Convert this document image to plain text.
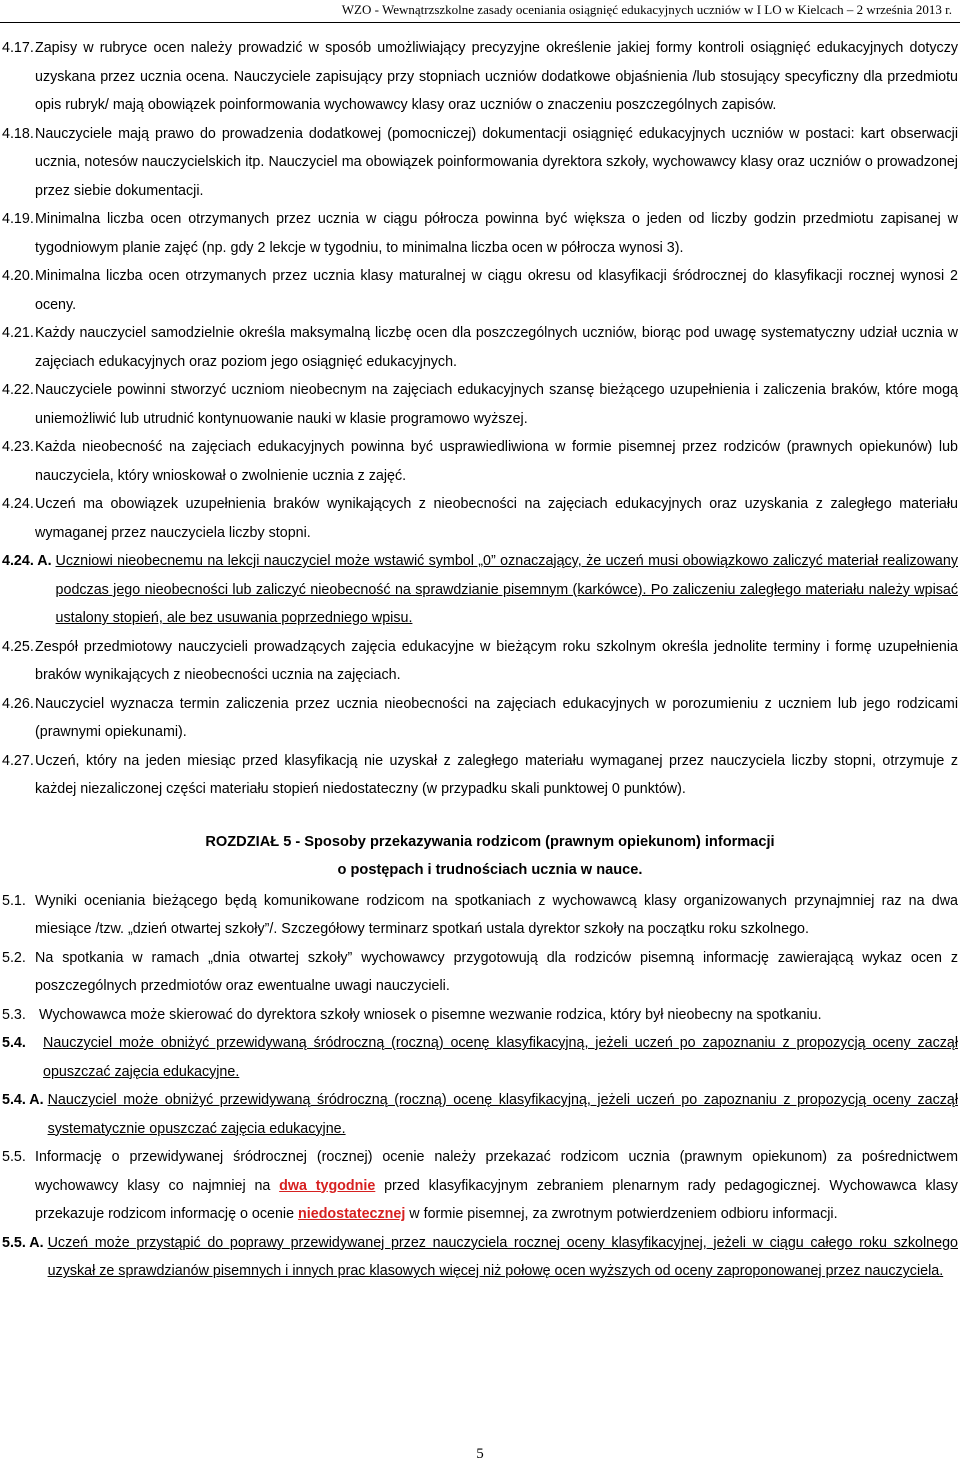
WZO - Wewnątrzszkolne zasady oceniania osiągnięć edukacyjnych uczniów w I LO w Kielcach – 2 września 2013 r.
4.17. Zapisy w rubryce ocen należy prowadzić w sposób umożliwiający precyzyjne określenie jakiej formy kontroli osiągnięć edukacyjnych dotyczy uzyskana przez ucznia ocena. Nauczyciele zapisujący przy stopniach uczniów dodatkowe objaśnienia /lub stosujący specyficzny dla przedmiotu opis rubryk/ mają obowiązek poinformowania wychowawcy klasy oraz uczniów o znaczeniu poszczególnych zapisów.
4.18. Nauczyciele mają prawo do prowadzenia dodatkowej (pomocniczej) dokumentacji osiągnięć edukacyjnych uczniów w postaci: kart obserwacji ucznia, notesów nauczycielskich itp. Nauczyciel ma obowiązek poinformowania dyrektora szkoły, wychowawcy klasy oraz uczniów o prowadzonej przez siebie dokumentacji.
4.19. Minimalna liczba ocen otrzymanych przez ucznia w ciągu półrocza powinna być większa o jeden od liczby godzin przedmiotu zapisanej w tygodniowym planie zajęć (np. gdy 2 lekcje w tygodniu, to minimalna liczba ocen w półrocza wynosi 3).
4.20. Minimalna liczba ocen otrzymanych przez ucznia klasy maturalnej w ciągu okresu od klasyfikacji śródrocznej do klasyfikacji rocznej wynosi 2 oceny.
4.21. Każdy nauczyciel samodzielnie określa maksymalną liczbę ocen dla poszczególnych uczniów, biorąc pod uwagę systematyczny udział ucznia w zajęciach edukacyjnych oraz poziom jego osiągnięć edukacyjnych.
4.22. Nauczyciele powinni stworzyć uczniom nieobecnym na zajęciach edukacyjnych szansę bieżącego uzupełnienia i zaliczenia braków, które mogą uniemożliwić lub utrudnić kontynuowanie nauki w klasie programowo wyższej.
4.23. Każda nieobecność na zajęciach edukacyjnych powinna być usprawiedliwiona w formie pisemnej przez rodziców (prawnych opiekunów) lub nauczyciela, który wnioskował o zwolnienie ucznia z zajęć.
4.24. Uczeń ma obowiązek uzupełnienia braków wynikających z nieobecności na zajęciach edukacyjnych oraz uzyskania z zaległego materiału wymaganej przez nauczyciela liczby stopni.
4.24. A. Uczniowi nieobecnemu na lekcji nauczyciel może wstawić symbol „0” oznaczający, że uczeń musi obowiązkowo zaliczyć materiał realizowany podczas jego nieobecności lub zaliczyć nieobecność na sprawdzianie pisemnym (karkówce). Po zaliczeniu zaległego materiału należy wpisać ustalony stopień, ale bez usuwania poprzedniego wpisu.
4.25. Zespół przedmiotowy nauczycieli prowadzących zajęcia edukacyjne w bieżącym roku szkolnym określa jednolite terminy i formę uzupełnienia braków wynikających z nieobecności ucznia na zajęciach.
4.26. Nauczyciel wyznacza termin zaliczenia przez ucznia nieobecności na zajęciach edukacyjnych w porozumieniu z uczniem lub jego rodzicami (prawnymi opiekunami).
4.27. Uczeń, który na jeden miesiąc przed klasyfikacją nie uzyskał z zaległego materiału wymaganej przez nauczyciela liczby stopni, otrzymuje z każdej niezaliczonej części materiału stopień niedostateczny (w przypadku skali punktowej 0 punktów).
ROZDZIAŁ 5 - Sposoby przekazywania rodzicom (prawnym opiekunom) informacji
o postępach i trudnościach ucznia w nauce.
5.1. Wyniki oceniania bieżącego będą komunikowane rodzicom na spotkaniach z wychowawcą klasy organizowanych przynajmniej raz na dwa miesiące /tzw. „dzień otwartej szkoły”/. Szczegółowy terminarz spotkań ustala dyrektor szkoły na początku roku szkolnego.
5.2. Na spotkania w ramach „dnia otwartej szkoły” wychowawcy przygotowują dla rodziców pisemną informację zawierającą wykaz ocen z poszczególnych przedmiotów oraz ewentualne uwagi nauczycieli.
5.3. Wychowawca może skierować do dyrektora szkoły wniosek o pisemne wezwanie rodzica, który był nieobecny na spotkaniu.
5.4.	Nauczyciel może obniżyć przewidywaną śródroczną (roczną) ocenę klasyfikacyjną, jeżeli uczeń po zapoznaniu z propozycją oceny zaczął opuszczać zajęcia edukacyjne.
5.4. A. Nauczyciel może obniżyć przewidywaną śródroczną (roczną) ocenę klasyfikacyjną, jeżeli uczeń po zapoznaniu z propozycją oceny zaczął systematycznie opuszczać zajęcia edukacyjne.
5.5. Informację o przewidywanej śródrocznej (rocznej) ocenie należy przekazać rodzicom ucznia (prawnym opiekunom) za pośrednictwem wychowawcy klasy co najmniej na dwa tygodnie przed klasyfikacyjnym zebraniem plenarnym rady pedagogicznej. Wychowawca klasy przekazuje rodzicom informację o ocenie niedostatecznej w formie pisemnej, za zwrotnym potwierdzeniem odbioru informacji.
5.5. A. Uczeń może przystąpić do poprawy przewidywanej przez nauczyciela rocznej oceny klasyfikacyjnej, jeżeli w ciągu całego roku szkolnego uzyskał ze sprawdzianów pisemnych i innych prac klasowych więcej niż połowę ocen wyższych od oceny zaproponowanej przez nauczyciela.
5
